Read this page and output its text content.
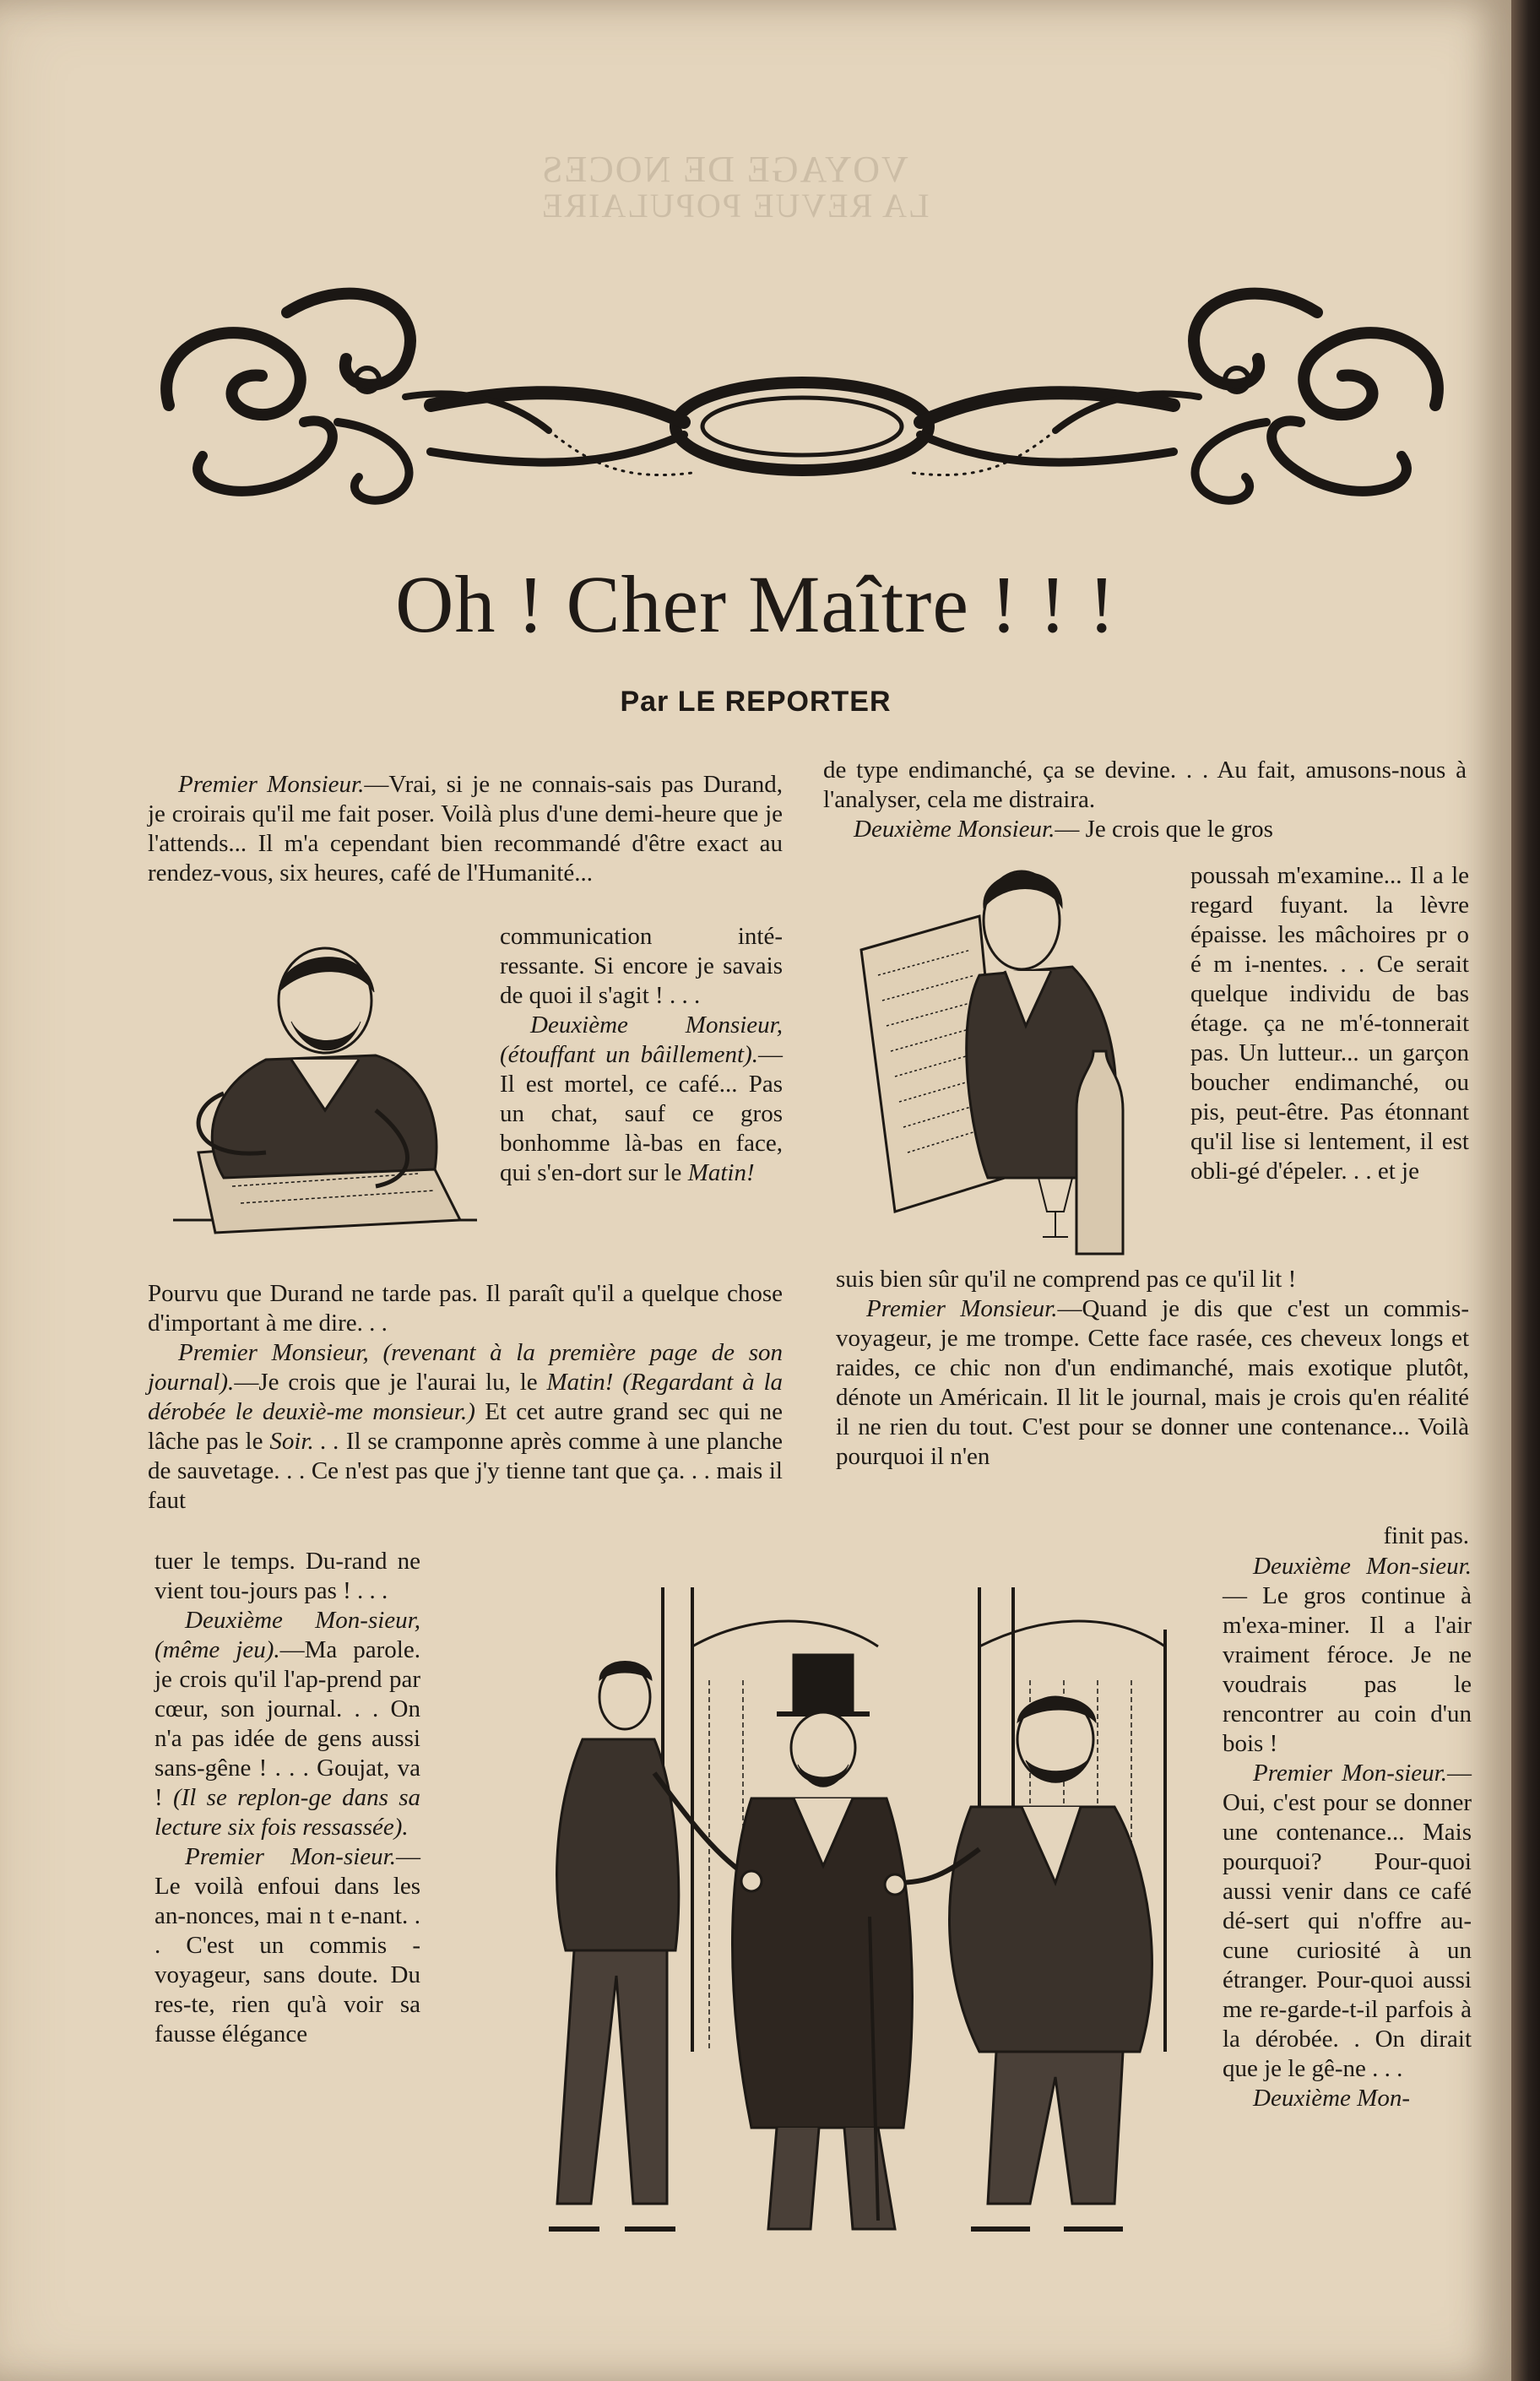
VOYAGE DE NOCES
LA REVUE POPULAIRE
Oh ! Cher Maître ! ! !
Par LE REPORTER

Premier Monsieur.—Vrai, si je ne connais-sais pas Durand, je croirais qu'il me fait poser. Voilà plus d'une demi-heure que je l'attends... Il m'a cependant bien recommandé d'être exact au rendez-vous, six heures, café de l'Humanité...

communication inté-ressante. Si encore je savais de quoi il s'agit ! . . .

Deuxième Monsieur, (étouffant un bâillement).— Il est mortel, ce café... Pas un chat, sauf ce gros bonhomme là-bas en face, qui s'en-dort sur le Matin!

Pourvu que Durand ne tarde pas. Il paraît qu'il a quelque chose d'important à me dire. . .

Premier Monsieur, (revenant à la première page de son journal).—Je crois que je l'aurai lu, le Matin! (Regardant à la dérobée le deuxiè-me monsieur.) Et cet autre grand sec qui ne lâche pas le Soir. . . Il se cramponne après comme à une planche de sauvetage. . . Ce n'est pas que j'y tienne tant que ça. . . mais il faut

tuer le temps. Du-rand ne vient tou-jours pas ! . . .

Deuxième Mon-sieur, (même jeu).—Ma parole. je crois qu'il l'ap-prend par cœur, son journal. . . On n'a pas idée de gens aussi sans-gêne ! . . . Goujat, va ! (Il se replon-ge dans sa lecture six fois ressassée).

Premier Mon-sieur.— Le voilà enfoui dans les an-nonces, mai n t e-nant. . . C'est un commis - voyageur, sans doute. Du res-te, rien qu'à voir sa fausse élégance

de type endimanché, ça se devine. . . Au fait, amusons-nous à l'analyser, cela me distraira.

Deuxième Monsieur.— Je crois que le gros

poussah m'examine... Il a le regard fuyant. la lèvre épaisse. les mâchoires pr o é m i-nentes. . . Ce serait quelque individu de bas étage. ça ne m'é-tonnerait pas. Un lutteur... un garçon boucher endimanché, ou pis, peut-être. Pas étonnant qu'il lise si lentement, il est obli-gé d'épeler. . . et je

suis bien sûr qu'il ne comprend pas ce qu'il lit !

Premier Monsieur.—Quand je dis que c'est un commis-voyageur, je me trompe. Cette face rasée, ces cheveux longs et raides, ce chic non d'un endimanché, mais exotique plutôt, dénote un Américain. Il lit le journal, mais je crois qu'en réalité il ne rien du tout. C'est pour se donner une contenance... Voilà pourquoi il n'en

finit pas.

Deuxième Mon-sieur.— Le gros continue à m'exa-miner. Il a l'air vraiment féroce. Je ne voudrais pas le rencontrer au coin d'un bois !

Premier Mon-sieur.— Oui, c'est pour se donner une contenance... Mais pourquoi? Pour-quoi aussi venir dans ce café dé-sert qui n'offre au-cune curiosité à un étranger. Pour-quoi aussi me re-garde-t-il parfois à la dérobée. . On dirait que je le gê-ne . . .

Deuxième Mon-
